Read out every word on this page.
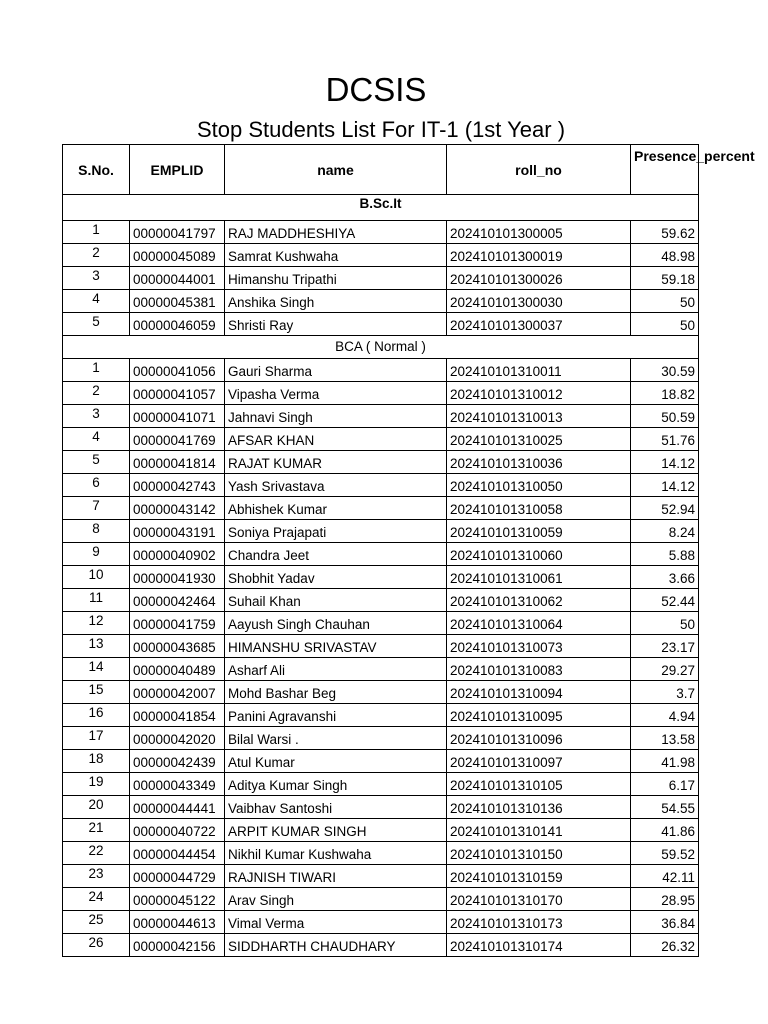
DCSIS
Stop Students List For IT-1 (1st Year )
S.No.	EMPLID	name	roll_no	Presence_percent

B.Sc.It				
1	00000041797	RAJ MADDHESHIYA	202410101300005	59.62
2	00000045089	Samrat Kushwaha	202410101300019	48.98
3	00000044001	Himanshu Tripathi	202410101300026	59.18
4	00000045381	Anshika Singh	202410101300030	50
5	00000046059	Shristi Ray	202410101300037	50
BCA ( Normal )				
1	00000041056	Gauri Sharma	202410101310011	30.59
2	00000041057	Vipasha Verma	202410101310012	18.82
3	00000041071	Jahnavi Singh	202410101310013	50.59
4	00000041769	AFSAR KHAN	202410101310025	51.76
5	00000041814	RAJAT KUMAR	202410101310036	14.12
6	00000042743	Yash Srivastava	202410101310050	14.12
7	00000043142	Abhishek Kumar	202410101310058	52.94
8	00000043191	Soniya Prajapati	202410101310059	8.24
9	00000040902	Chandra Jeet	202410101310060	5.88
10	00000041930	Shobhit Yadav	202410101310061	3.66
11	00000042464	Suhail Khan	202410101310062	52.44
12	00000041759	Aayush Singh Chauhan	202410101310064	50
13	00000043685	HIMANSHU SRIVASTAV	202410101310073	23.17
14	00000040489	Asharf Ali	202410101310083	29.27
15	00000042007	Mohd Bashar Beg	202410101310094	3.7
16	00000041854	Panini Agravanshi	202410101310095	4.94
17	00000042020	Bilal Warsi .	202410101310096	13.58
18	00000042439	Atul Kumar	202410101310097	41.98
19	00000043349	Aditya Kumar Singh	202410101310105	6.17
20	00000044441	Vaibhav Santoshi	202410101310136	54.55
21	00000040722	ARPIT KUMAR SINGH	202410101310141	41.86
22	00000044454	Nikhil Kumar Kushwaha	202410101310150	59.52
23	00000044729	RAJNISH TIWARI	202410101310159	42.11
24	00000045122	Arav Singh	202410101310170	28.95
25	00000044613	Vimal Verma	202410101310173	36.84
26	00000042156	SIDDHARTH CHAUDHARY	202410101310174	26.32
